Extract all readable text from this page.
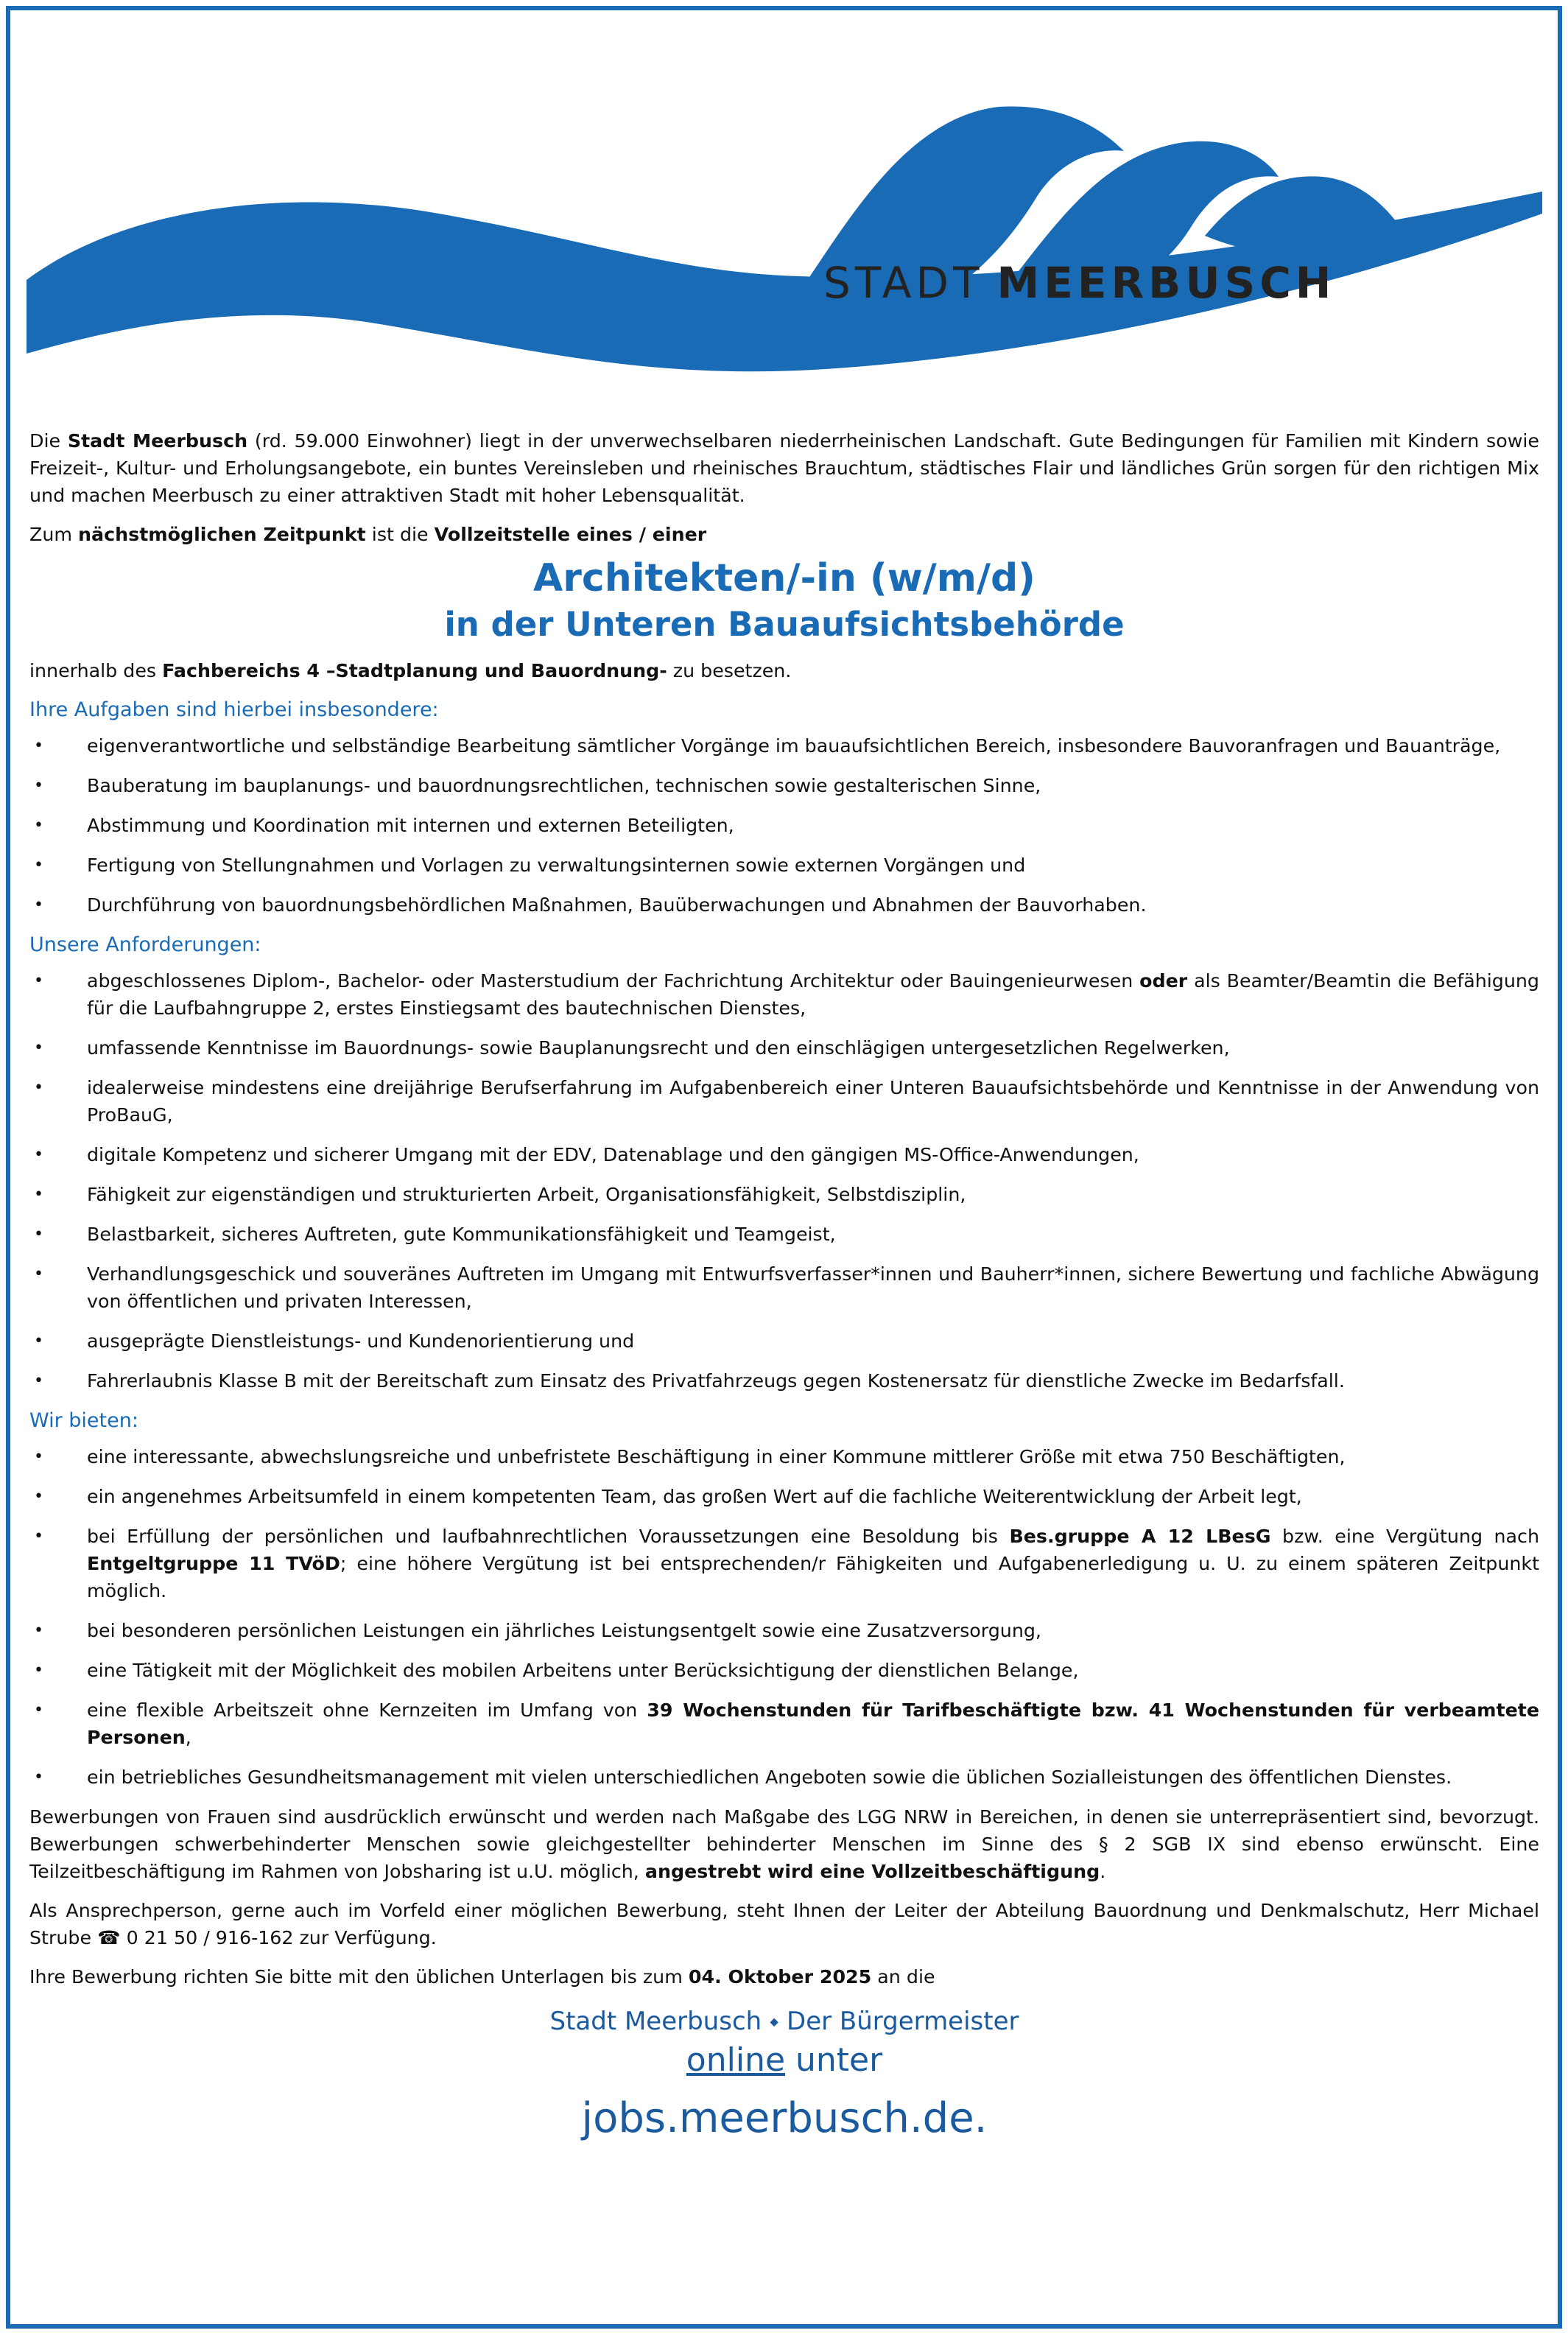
STADT MEERBUSCH

Die Stadt Meerbusch (rd. 59.000 Einwohner) liegt in der unverwechselbaren niederrheinischen Landschaft. Gute Bedingungen für Familien mit Kindern sowie Freizeit-, Kultur- und Erholungsangebote, ein buntes Vereinsleben und rheinisches Brauchtum, städtisches Flair und ländliches Grün sorgen für den richtigen Mix und machen Meerbusch zu einer attraktiven Stadt mit hoher Lebensqualität.

Zum nächstmöglichen Zeitpunkt ist die Vollzeitstelle eines / einer

Architekten/-in (w/m/d)
in der Unteren Bauaufsichtsbehörde

innerhalb des Fachbereichs 4 –Stadtplanung und Bauordnung- zu besetzen.

Ihre Aufgaben sind hierbei insbesondere:
• eigenverantwortliche und selbständige Bearbeitung sämtlicher Vorgänge im bauaufsichtlichen Bereich, insbesondere Bauvoranfragen und Bauanträge,
• Bauberatung im bauplanungs- und bauordnungsrechtlichen, technischen sowie gestalterischen Sinne,
• Abstimmung und Koordination mit internen und externen Beteiligten,
• Fertigung von Stellungnahmen und Vorlagen zu verwaltungsinternen sowie externen Vorgängen und
• Durchführung von bauordnungsbehördlichen Maßnahmen, Bauüberwachungen und Abnahmen der Bauvorhaben.
Unsere Anforderungen:
• abgeschlossenes Diplom-, Bachelor- oder Masterstudium der Fachrichtung Architektur oder Bauingenieurwesen oder als Beamter/Beamtin die Befähigung für die Laufbahngruppe 2, erstes Einstiegsamt des bautechnischen Dienstes,
• umfassende Kenntnisse im Bauordnungs- sowie Bauplanungsrecht und den einschlägigen untergesetzlichen Regelwerken,
• idealerweise mindestens eine dreijährige Berufserfahrung im Aufgabenbereich einer Unteren Bauaufsichtsbehörde und Kenntnisse in der Anwendung von ProBauG,
• digitale Kompetenz und sicherer Umgang mit der EDV, Datenablage und den gängigen MS-Office-Anwendungen,
• Fähigkeit zur eigenständigen und strukturierten Arbeit, Organisationsfähigkeit, Selbstdisziplin,
• Belastbarkeit, sicheres Auftreten, gute Kommunikationsfähigkeit und Teamgeist,
• Verhandlungsgeschick und souveränes Auftreten im Umgang mit Entwurfsverfasser*innen und Bauherr*innen, sichere Bewertung und fachliche Abwägung von öffentlichen und privaten Interessen,
• ausgeprägte Dienstleistungs- und Kundenorientierung und
• Fahrerlaubnis Klasse B mit der Bereitschaft zum Einsatz des Privatfahrzeugs gegen Kostenersatz für dienstliche Zwecke im Bedarfsfall.
Wir bieten:
• eine interessante, abwechslungsreiche und unbefristete Beschäftigung in einer Kommune mittlerer Größe mit etwa 750 Beschäftigten,
• ein angenehmes Arbeitsumfeld in einem kompetenten Team, das großen Wert auf die fachliche Weiterentwicklung der Arbeit legt,
• bei Erfüllung der persönlichen und laufbahnrechtlichen Voraussetzungen eine Besoldung bis Bes.gruppe A 12 LBesG bzw. eine Vergütung nach Entgeltgruppe 11 TVöD; eine höhere Vergütung ist bei entsprechenden/r Fähigkeiten und Aufgabenerledigung u. U. zu einem späteren Zeitpunkt möglich.
• bei besonderen persönlichen Leistungen ein jährliches Leistungsentgelt sowie eine Zusatzversorgung,
• eine Tätigkeit mit der Möglichkeit des mobilen Arbeitens unter Berücksichtigung der dienstlichen Belange,
• eine flexible Arbeitszeit ohne Kernzeiten im Umfang von 39 Wochenstunden für Tarifbeschäftigte bzw. 41 Wochenstunden für verbeamtete Personen,
• ein betriebliches Gesundheitsmanagement mit vielen unterschiedlichen Angeboten sowie die üblichen Sozialleistungen des öffentlichen Dienstes.

Bewerbungen von Frauen sind ausdrücklich erwünscht und werden nach Maßgabe des LGG NRW in Bereichen, in denen sie unterrepräsentiert sind, bevorzugt. Bewerbungen schwerbehinderter Menschen sowie gleichgestellter behinderter Menschen im Sinne des § 2 SGB IX sind ebenso erwünscht. Eine Teilzeitbeschäftigung im Rahmen von Jobsharing ist u.U. möglich, angestrebt wird eine Vollzeitbeschäftigung.

Als Ansprechperson, gerne auch im Vorfeld einer möglichen Bewerbung, steht Ihnen der Leiter der Abteilung Bauordnung und Denkmalschutz, Herr Michael Strube ☎ 0 21 50 / 916-162 zur Verfügung.

Ihre Bewerbung richten Sie bitte mit den üblichen Unterlagen bis zum 04. Oktober 2025 an die

Stadt Meerbusch ⬩ Der Bürgermeister
online unter
jobs.meerbusch.de.
